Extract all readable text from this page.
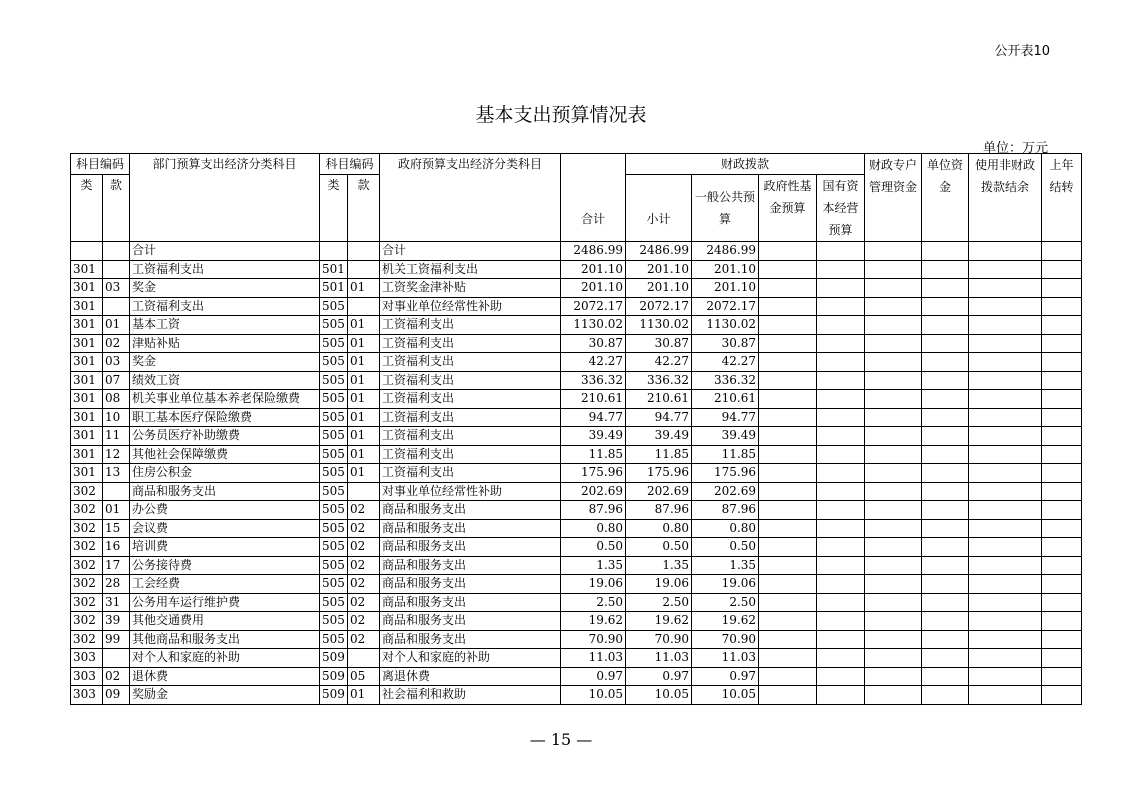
公开表10
基本支出预算情况表
单位：万元
科目编码		部门预算支出经济分类科目	科目编码		政府预算支出经济分类科目	合计	财政拨款				财政专户管理资金	单位资金	使用非财政拨款结余	上年结转
类	款		类	款			小计	一般公共预算	政府性基金预算	国有资本经营预算				

		合计			合计	2486.99	2486.99	2486.99						
301		工资福利支出	501		机关工资福利支出	201.10	201.10	201.10						
301	03	奖金	501	01	工资奖金津补贴	201.10	201.10	201.10						
301		工资福利支出	505		对事业单位经常性补助	2072.17	2072.17	2072.17						
301	01	基本工资	505	01	工资福利支出	1130.02	1130.02	1130.02						
301	02	津贴补贴	505	01	工资福利支出	30.87	30.87	30.87						
301	03	奖金	505	01	工资福利支出	42.27	42.27	42.27						
301	07	绩效工资	505	01	工资福利支出	336.32	336.32	336.32						
301	08	机关事业单位基本养老保险缴费	505	01	工资福利支出	210.61	210.61	210.61						
301	10	职工基本医疗保险缴费	505	01	工资福利支出	94.77	94.77	94.77						
301	11	公务员医疗补助缴费	505	01	工资福利支出	39.49	39.49	39.49						
301	12	其他社会保障缴费	505	01	工资福利支出	11.85	11.85	11.85						
301	13	住房公积金	505	01	工资福利支出	175.96	175.96	175.96						
302		商品和服务支出	505		对事业单位经常性补助	202.69	202.69	202.69						
302	01	办公费	505	02	商品和服务支出	87.96	87.96	87.96						
302	15	会议费	505	02	商品和服务支出	0.80	0.80	0.80						
302	16	培训费	505	02	商品和服务支出	0.50	0.50	0.50						
302	17	公务接待费	505	02	商品和服务支出	1.35	1.35	1.35						
302	28	工会经费	505	02	商品和服务支出	19.06	19.06	19.06						
302	31	公务用车运行维护费	505	02	商品和服务支出	2.50	2.50	2.50						
302	39	其他交通费用	505	02	商品和服务支出	19.62	19.62	19.62						
302	99	其他商品和服务支出	505	02	商品和服务支出	70.90	70.90	70.90						
303		对个人和家庭的补助	509		对个人和家庭的补助	11.03	11.03	11.03						
303	02	退休费	509	05	离退休费	0.97	0.97	0.97						
303	09	奖励金	509	01	社会福利和救助	10.05	10.05	10.05						
— 15 —
